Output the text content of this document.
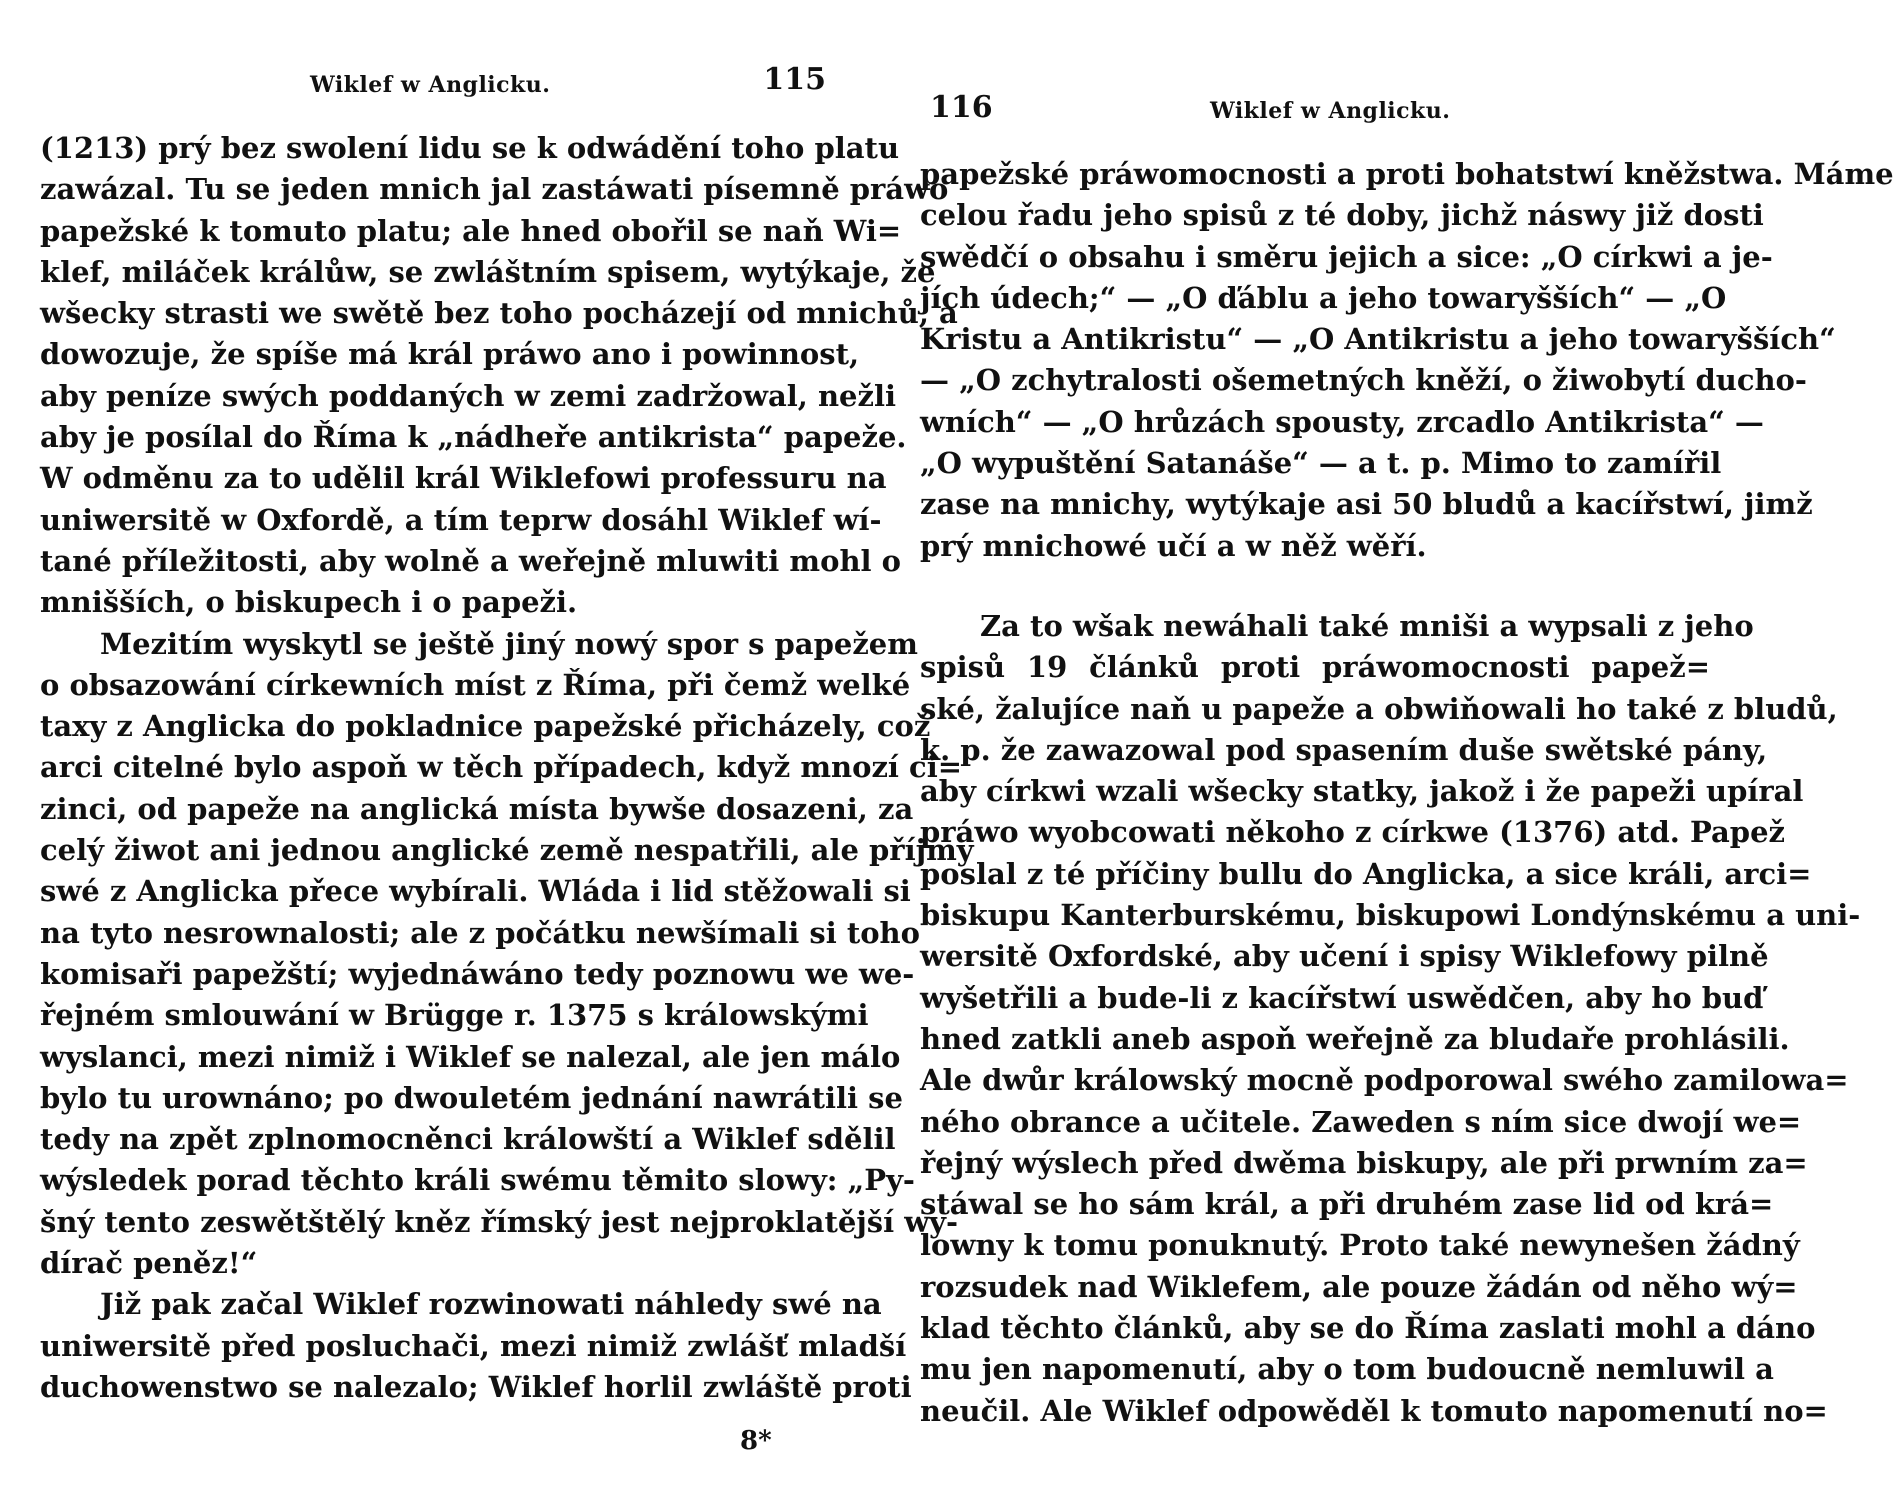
Wiklef w Anglicku.	115
(1213) prý bez swolení lidu se k odwádění toho platu
zawázal. Tu se jeden mnich jal zastáwati písemně práwo
papežské k tomuto platu; ale hned obořil se naň Wi=
klef, miláček králůw, se zwláštním spisem, wytýkaje, že
wšecky strasti we swětě bez toho pocházejí od mnichů, a
dowozuje, že spíše má král práwo ano i powinnost,
aby peníze swých poddaných w zemi zadržowal, nežli
aby je posílal do Říma k „nádheře antikrista“ papeže.
W odměnu za to udělil král Wiklefowi professuru na
uniwersitě w Oxfordě, a tím teprw dosáhl Wiklef wí-
tané příležitosti, aby wolně a weřejně mluwiti mohl o
mnišších, o biskupech i o papeži.
Mezitím wyskytl se ještě jiný nowý spor s papežem
o obsazowání církewních míst z Říma, při čemž welké
taxy z Anglicka do pokladnice papežské přicházely, což
arci citelné bylo aspoň w těch případech, když mnozí ci=
zinci, od papeže na anglická místa bywše dosazeni, za
celý žiwot ani jednou anglické země nespatřili, ale příjmy
swé z Anglicka přece wybírali. Wláda i lid stěžowali si
na tyto nesrownalosti; ale z počátku newšímali si toho
komisaři papežští; wyjednáwáno tedy poznowu we we-
řejném smlouwání w Brügge r. 1375 s králowskými
wyslanci, mezi nimiž i Wiklef se nalezal, ale jen málo
bylo tu urownáno; po dwouletém jednání nawrátili se
tedy na zpět zplnomocněnci králowští a Wiklef sdělil
wýsledek porad těchto králi swému těmito slowy: „Py-
šný tento zeswětštělý kněz římský jest nejproklatější wy-
dírač peněz!“
Již pak začal Wiklef rozwinowati náhledy swé na
uniwersitě před posluchači, mezi nimiž zwlášť mladší
duchowenstwo se nalezalo; Wiklef horlil zwláště proti
8*
116	Wiklef w Anglicku.
papežské práwomocnosti a proti bohatstwí kněžstwa. Máme
celou řadu jeho spisů z té doby, jichž náswy již dosti
swědčí o obsahu i směru jejich a sice: „O církwi a je-
jích údech;“ — „O ďáblu a jeho towaryšších“ — „O
Kristu a Antikristu“ — „O Antikristu a jeho towaryšších“
— „O zchytralosti ošemetných kněží, o žiwobytí ducho-
wních“ — „O hrůzách spousty, zrcadlo Antikrista“ —
„O wypuštění Satanáše“ — a t. p. Mimo to zamířil
zase na mnichy, wytýkaje asi 50 bludů a kacířstwí, jimž
prý mnichowé učí a w něž wěří.
Za to wšak newáhali také mniši a wypsali z jeho
spisů 19 článků proti práwomocnosti papež=
ské, žalujíce naň u papeže a obwiňowali ho také z bludů,
k. p. že zawazowal pod spasením duše swětské pány,
aby církwi wzali wšecky statky, jakož i že papeži upíral
práwo wyobcowati někoho z církwe (1376) atd. Papež
poslal z té příčiny bullu do Anglicka, a sice králi, arci=
biskupu Kanterburskému, biskupowi Londýnskému a uni-
wersitě Oxfordské, aby učení i spisy Wiklefowy pilně
wyšetřili a bude-li z kacířstwí uswědčen, aby ho buď
hned zatkli aneb aspoň weřejně za bludaře prohlásili.
Ale dwůr králowský mocně podporowal swého zamilowa=
ného obrance a učitele. Zaweden s ním sice dwojí we=
řejný wýslech před dwěma biskupy, ale při prwním za=
stáwal se ho sám král, a při druhém zase lid od krá=
lowny k tomu ponuknutý. Proto také newynešen žádný
rozsudek nad Wiklefem, ale pouze žádán od něho wý=
klad těchto článků, aby se do Říma zaslati mohl a dáno
mu jen napomenutí, aby o tom budoucně nemluwil a
neučil. Ale Wiklef odpowěděl k tomuto napomenutí no=
